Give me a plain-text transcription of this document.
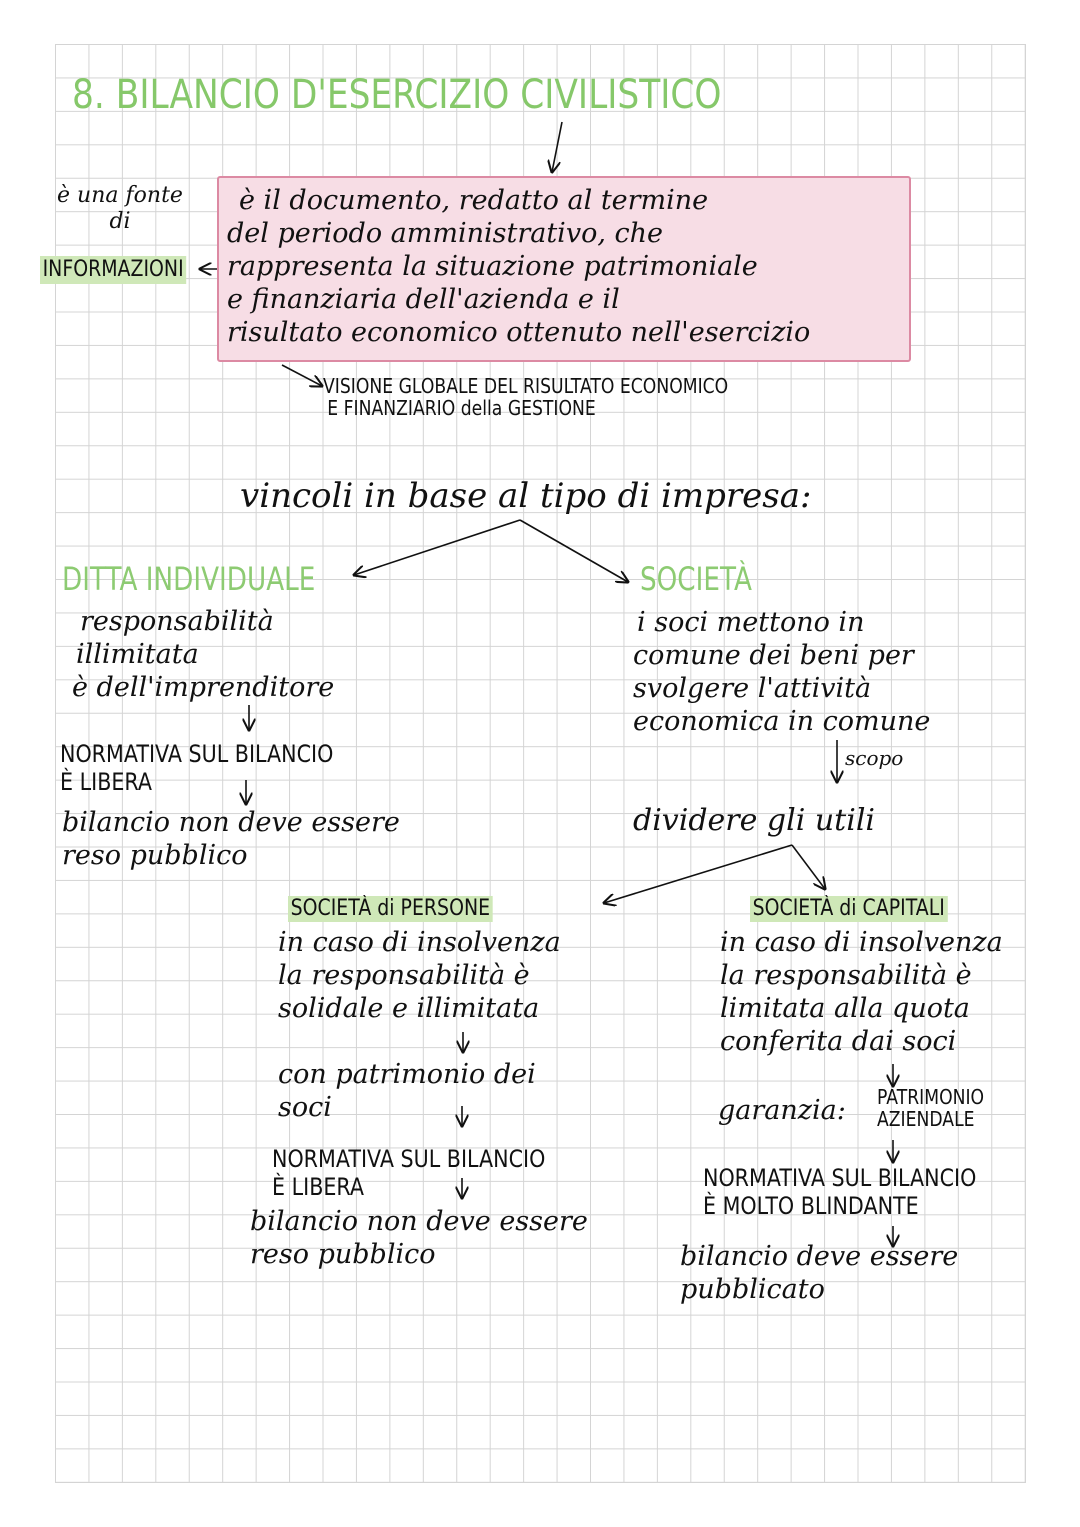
8. BILANCIO D'ESERCIZIO CIVILISTICO
è una fonte
di
INFORMAZIONI
è il documento, redatto al termine
del periodo amministrativo, che
rappresenta la situazione patrimoniale
e finanziaria dell'azienda e il
risultato economico ottenuto nell'esercizio
VISIONE GLOBALE DEL RISULTATO ECONOMICO
E FINANZIARIO della GESTIONE
vincoli in base al tipo di impresa:
DITTA INDIVIDUALE
responsabilità
illimitata
è dell'imprenditore
NORMATIVA SUL BILANCIO
È LIBERA
bilancio non deve essere
reso pubblico
SOCIETÀ
i soci mettono in
comune dei beni per
svolgere l'attività
economica in comune
scopo
dividere gli utili
SOCIETÀ di PERSONE
in caso di insolvenza
la responsabilità è
solidale e illimitata
con patrimonio dei
soci
NORMATIVA SUL BILANCIO
È LIBERA
bilancio non deve essere
reso pubblico
SOCIETÀ di CAPITALI
in caso di insolvenza
la responsabilità è
limitata alla quota
conferita dai soci
garanzia: PATRIMONIO
AZIENDALE
NORMATIVA SUL BILANCIO
È MOLTO BLINDANTE
bilancio deve essere
pubblicato
